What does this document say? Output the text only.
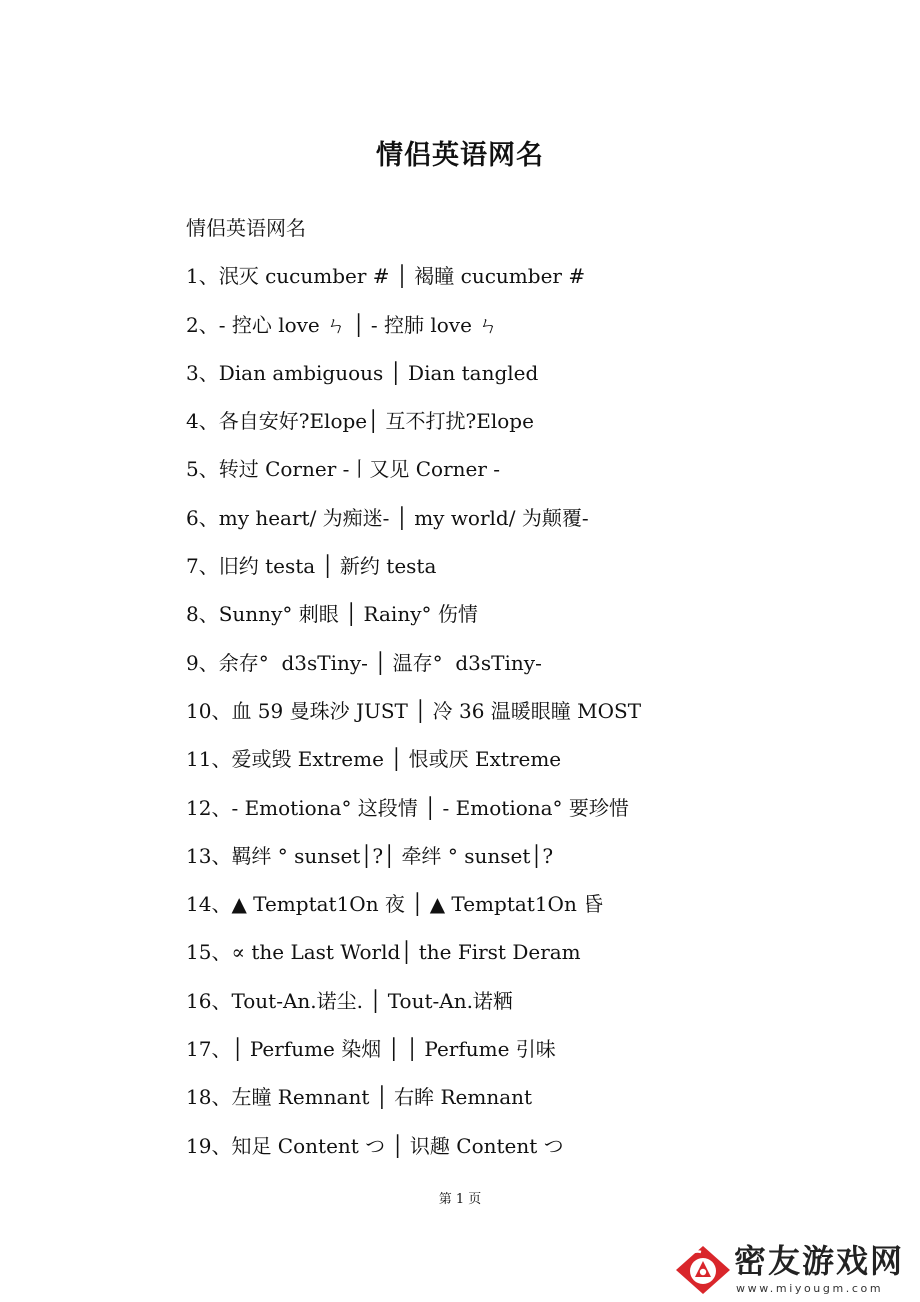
情侣英语网名
情侣英语网名
1、泯灭 cucumber # │ 褐瞳 cucumber #
2、- 控心 love ㄣ │ - 控肺 love ㄣ
3、Dian ambiguous │ Dian tangled
4、各自安好?Elope│ 互不打扰?Elope
5、转过 Corner -丨又见 Corner -
6、my heart/ 为痴迷- │ my world/ 为颠覆-
7、旧约 testa │ 新约 testa
8、Sunny° 刺眼 │ Rainy° 伤情
9、余存°  d3sTiny- │ 温存°  d3sTiny-
10、血 59 曼珠沙 JUST │ 冷 36 温暖眼瞳 MOST
11、爱或毁 Extreme │ 恨或厌 Extreme
12、- Emotiona° 这段情 │ - Emotiona° 要珍惜
13、羁绊 ° sunset│?│ 牵绊 ° sunset│?
14、▲ Temptat1On 夜 │ ▲ Temptat1On 昏
15、∝ the Last World│ the First Deram
16、Tout-An.诺尘. │ Tout-An.诺粞
17、│ Perfume 染烟 │ │ Perfume 引味
18、左瞳 Remnant │ 右眸 Remnant
19、知足 Content つ │ 识趣 Content つ
第 1 页
密友游戏网
www.miyougm.com
